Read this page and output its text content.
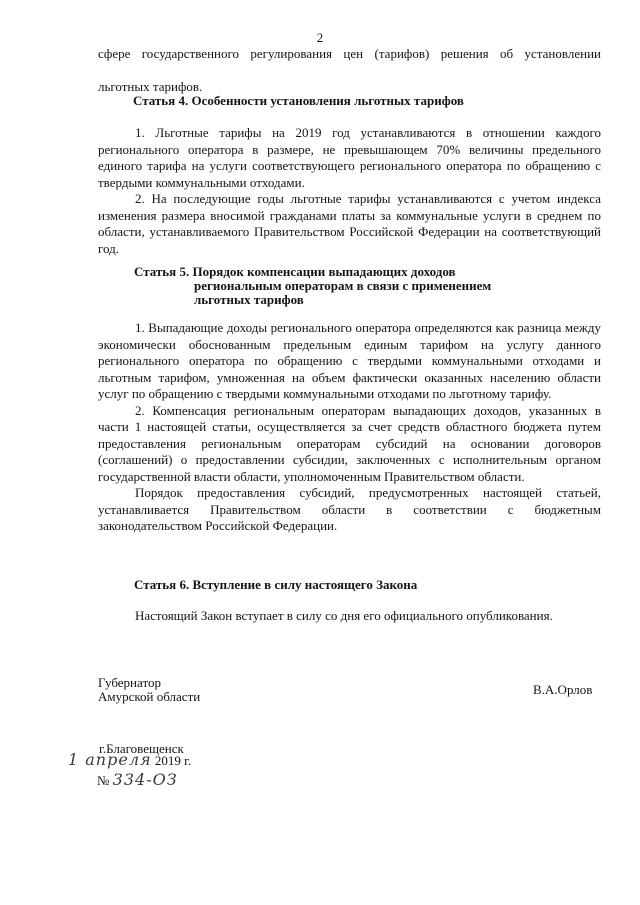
2
сфере государственного регулирования цен (тарифов) решения об установлении
льготных тарифов.
Статья 4. Особенности установления льготных тарифов

1. Льготные тарифы на 2019 год устанавливаются в отношении каждого регионального оператора в размере, не превышающем 70% величины предельного единого тарифа на услуги соответствующего регионального оператора по обращению с твердыми коммунальными отходами.

2. На последующие годы льготные тарифы устанавливаются с учетом индекса изменения размера вносимой гражданами платы за коммунальные услуги в среднем по области, устанавливаемого Правительством Российской Федерации на соответствующий год.

Статья 5. Порядок компенсации выпадающих доходов
региональным операторам в связи с применением
льготных тарифов

1. Выпадающие доходы регионального оператора определяются как разница между экономически обоснованным предельным единым тарифом на услугу данного регионального оператора по обращению с твердыми коммунальными отходами и льготным тарифом, умноженная на объем фактически оказанных населению области услуг по обращению с твердыми коммунальными отходами по льготному тарифу.

2. Компенсация региональным операторам выпадающих доходов, указанных в части 1 настоящей статьи, осуществляется за счет средств областного бюджета путем предоставления региональным операторам субсидий на основании договоров (соглашений) о предоставлении субсидии, заключенных с исполнительным органом государственной власти области, уполномоченным Правительством области.

Порядок предоставления субсидий, предусмотренных настоящей статьей, устанавливается Правительством области в соответствии с бюджетным законодательством Российской Федерации.

Статья 6. Вступление в силу настоящего Закона

Настоящий Закон вступает в силу со дня его официального опубликования.

Губернатор
Амурской области	В.А.Орлов
г.Благовещенск
1 апреля 2019 г.
№ 334-ОЗ
